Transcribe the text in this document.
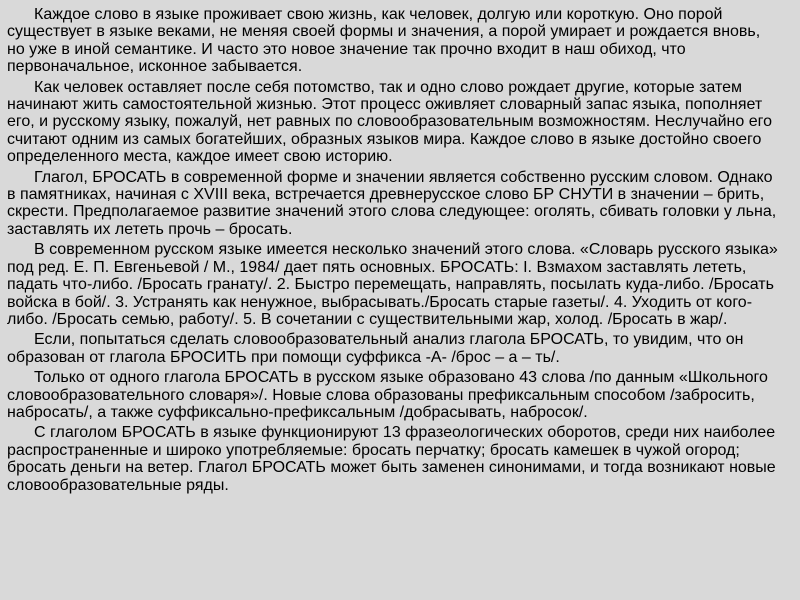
Каждое слово в языке проживает свою жизнь, как человек, долгую или короткую. Оно порой существует в языке веками, не меняя своей формы и значения, а порой умирает и рождается вновь, но уже в иной семантике. И часто это новое значение так прочно входит в наш обиход, что первоначальное, исконное забывается.

Как человек оставляет после себя потомство, так и одно слово рождает другие, которые затем начинают жить самостоятельной жизнью. Этот процесс оживляет словарный запас языка, пополняет его, и русскому языку, пожалуй, нет равных по словообразовательным возможностям. Неслучайно его считают одним из самых богатейших, образных языков мира. Каждое слово в языке достойно своего определенного места, каждое имеет свою историю.

Глагол, БРОСАТЬ в современной форме и значении является собственно русским словом. Однако в памятниках, начиная с XVIII века, встречается древнерусское слово БР СНУТИ в значении – брить, скрести. Предполагаемое развитие значений этого слова следующее: оголять, сбивать головки у льна, заставлять их лететь прочь – бросать.

В современном русском языке имеется несколько значений этого слова. «Словарь русского языка» под ред. Е. П. Евгеньевой / М., 1984/ дает пять основных. БРОСАТЬ: I. Взмахом заставлять лететь, падать что-либо. /Бросать гранату/. 2. Быстро перемещать, направлять, посылать куда-либо. /Бросать войска в бой/. 3. Устранять как ненужное, выбрасывать./Бросать старые газеты/. 4. Уходить от кого-либо. /Бросать семью, работу/. 5. В сочетании с существительными жар, холод. /Бросать в жар/.

Если, попытаться сделать словообразовательный анализ глагола БРОСАТЬ, то увидим, что он образован от глагола БРОСИТЬ при помощи суффикса -А- /брос – а – ть/.

Только от одного глагола БРОСАТЬ в русском языке образовано 43 слова /по данным «Школьного словообразовательного словаря»/. Новые слова образованы префиксальным способом /забросить, набросать/, а также суффиксально-префиксальным /добрасывать, наброcок/.

С глаголом БРОСАТЬ в языке функционируют 13 фразеологических оборотов, среди них наиболее распространенные и широко употребляемые: бросать перчатку; бросать камешек в чужой огород; бросать деньги на ветер. Глагол БРОСАТЬ может быть заменен синонимами, и тогда возникают новые словообразовательные ряды.
